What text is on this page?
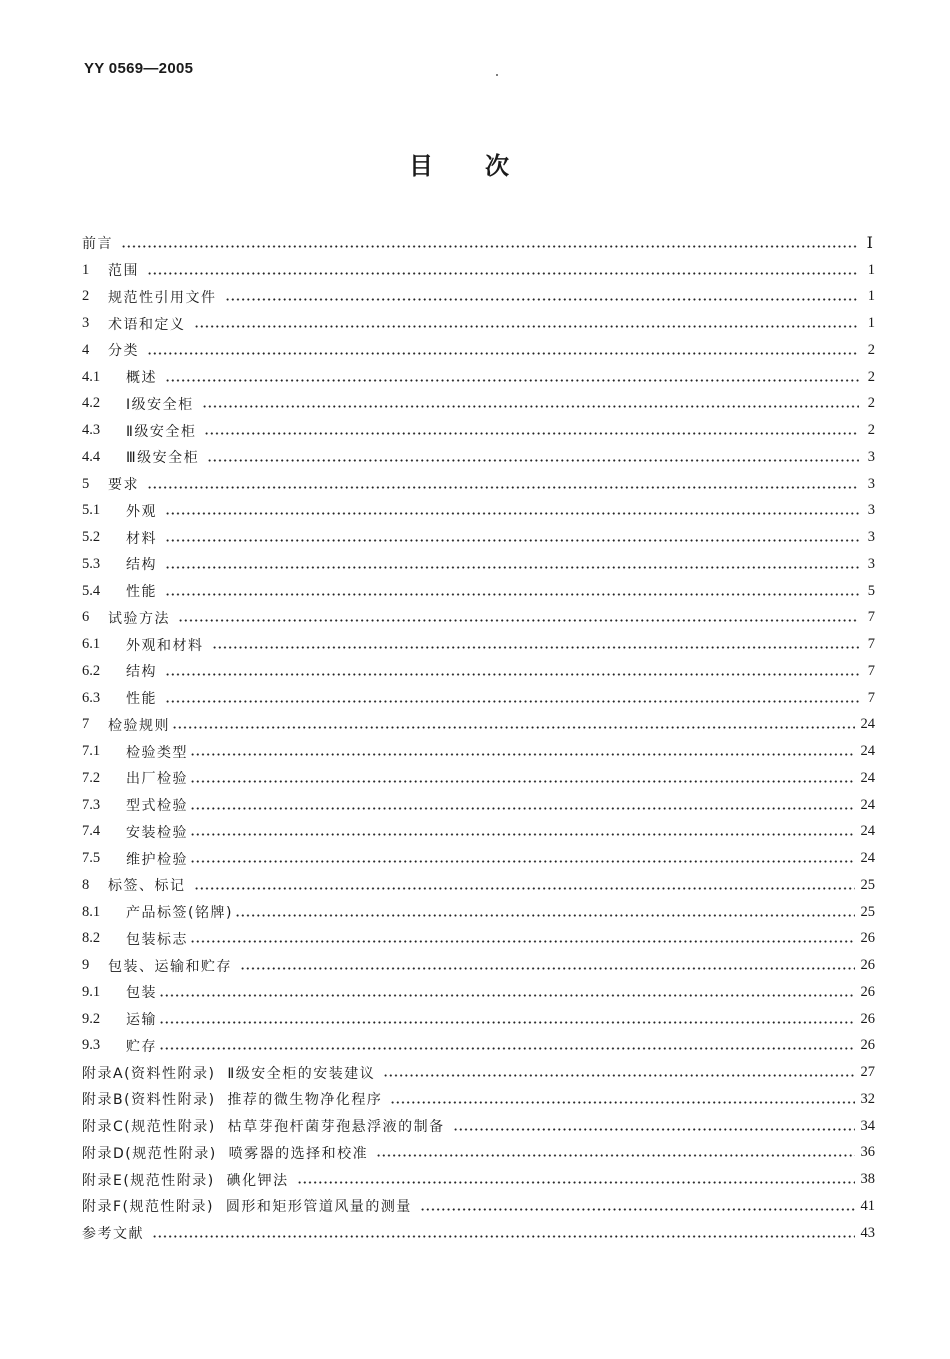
YY 0569—2005
目次
前言	Ⅰ
1	范围	1
2	规范性引用文件	1
3	术语和定义	1
4	分类	2
4.1	概述	2
4.2	Ⅰ级安全柜	2
4.3	Ⅱ级安全柜	2
4.4	Ⅲ级安全柜	3
5	要求	3
5.1	外观	3
5.2	材料	3
5.3	结构	3
5.4	性能	5
6	试验方法	7
6.1	外观和材料	7
6.2	结构	7
6.3	性能	7
7	检验规则	24
7.1	检验类型	24
7.2	出厂检验	24
7.3	型式检验	24
7.4	安装检验	24
7.5	维护检验	24
8	标签、标记	25
8.1	产品标签(铭牌)	25
8.2	包装标志	26
9	包装、运输和贮存	26
9.1	包装	26
9.2	运输	26
9.3	贮存	26
附录A(资料性附录)  Ⅱ级安全柜的安装建议	27
附录B(资料性附录)  推荐的微生物净化程序	32
附录C(规范性附录)  枯草芽孢杆菌芽孢悬浮液的制备	34
附录D(规范性附录)  喷雾器的选择和校准	36
附录E(规范性附录)  碘化钾法	38
附录F(规范性附录)  圆形和矩形管道风量的测量	41
参考文献	43
